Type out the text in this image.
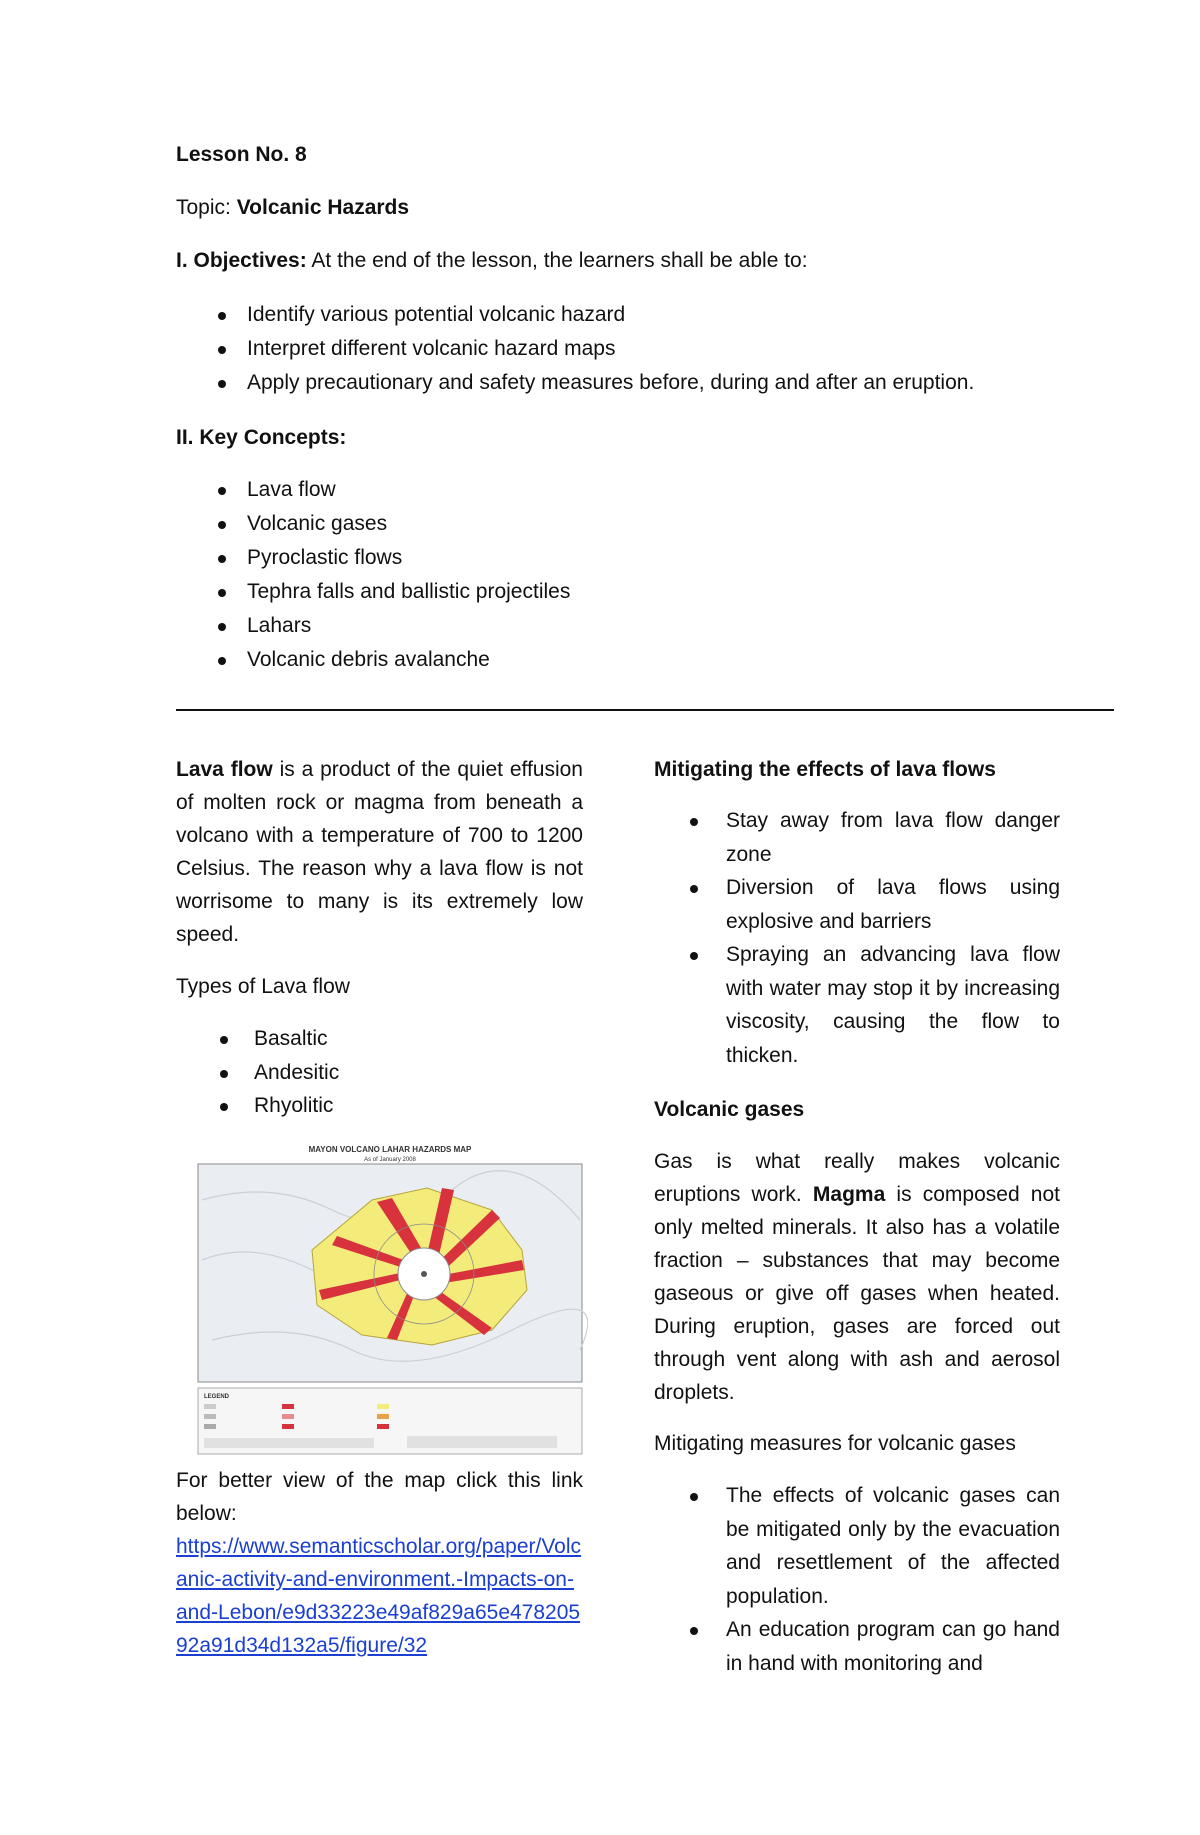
Lesson No. 8
Topic: Volcanic Hazards
I. Objectives: At the end of the lesson, the learners shall be able to:
Identify various potential volcanic hazard
Interpret different volcanic hazard maps
Apply precautionary and safety measures before, during and after an eruption.
II. Key Concepts:
Lava flow
Volcanic gases
Pyroclastic flows
Tephra falls and ballistic projectiles
Lahars
Volcanic debris avalanche
Lava flow is a product of the quiet effusion of molten rock or magma from beneath a volcano with a temperature of 700 to 1200 Celsius. The reason why a lava flow is not worrisome to many is its extremely low speed.
Types of Lava flow
Basaltic
Andesitic
Rhyolitic
MAYON VOLCANO LAHAR HAZARDS MAP
As of January 2008
LEGEND
For better view of the map click this link below:
https://www.semanticscholar.org/paper/Volcanic-activity-and-environment.-Impacts-on-and-Lebon/e9d33223e49af829a65e47820592a91d34d132a5/figure/32
Mitigating the effects of lava flows
Stay away from lava flow danger zone
Diversion of lava flows using explosive and barriers
Spraying an advancing lava flow with water may stop it by increasing viscosity, causing the flow to thicken.
Volcanic gases
Gas is what really makes volcanic eruptions work. Magma is composed not only melted minerals. It also has a volatile fraction – substances that may become gaseous or give off gases when heated. During eruption, gases are forced out through vent along with ash and aerosol droplets.
Mitigating measures for volcanic gases
The effects of volcanic gases can be mitigated only by the evacuation and resettlement of the affected population.
An education program can go hand in hand with monitoring and
